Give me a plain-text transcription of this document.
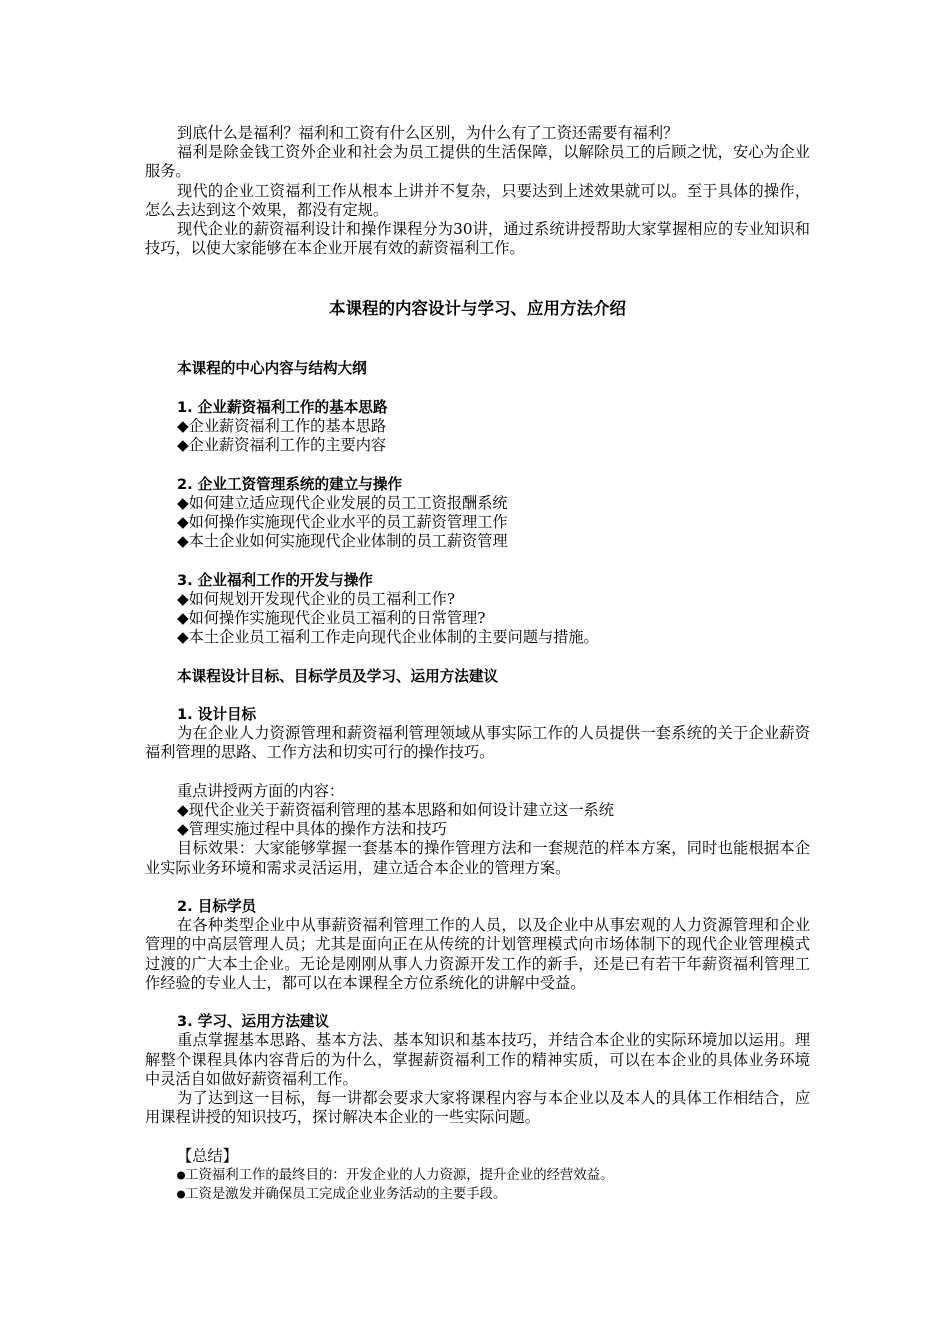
到底什么是福利？福利和工资有什么区别，为什么有了工资还需要有福利？

福利是除金钱工资外企业和社会为员工提供的生活保障，以解除员工的后顾之忧，安心为企业服务。

现代的企业工资福利工作从根本上讲并不复杂，只要达到上述效果就可以。至于具体的操作，怎么去达到这个效果，都没有定规。

现代企业的薪资福利设计和操作课程分为30讲，通过系统讲授帮助大家掌握相应的专业知识和技巧，以使大家能够在本企业开展有效的薪资福利工作。

本课程的内容设计与学习、应用方法介绍

本课程的中心内容与结构大纲

1. 企业薪资福利工作的基本思路

◆企业薪资福利工作的基本思路

◆企业薪资福利工作的主要内容

2. 企业工资管理系统的建立与操作

◆如何建立适应现代企业发展的员工工资报酬系统

◆如何操作实施现代企业水平的员工薪资管理工作

◆本土企业如何实施现代企业体制的员工薪资管理

3. 企业福利工作的开发与操作

◆如何规划开发现代企业的员工福利工作?

◆如何操作实施现代企业员工福利的日常管理?

◆本土企业员工福利工作走向现代企业体制的主要问题与措施。

本课程设计目标、目标学员及学习、运用方法建议

1. 设计目标

为在企业人力资源管理和薪资福利管理领域从事实际工作的人员提供一套系统的关于企业薪资福利管理的思路、工作方法和切实可行的操作技巧。

重点讲授两方面的内容：

◆现代企业关于薪资福利管理的基本思路和如何设计建立这一系统

◆管理实施过程中具体的操作方法和技巧

目标效果：大家能够掌握一套基本的操作管理方法和一套规范的样本方案，同时也能根据本企业实际业务环境和需求灵活运用，建立适合本企业的管理方案。

2. 目标学员

在各种类型企业中从事薪资福利管理工作的人员，以及企业中从事宏观的人力资源管理和企业管理的中高层管理人员；尤其是面向正在从传统的计划管理模式向市场体制下的现代企业管理模式过渡的广大本土企业。无论是刚刚从事人力资源开发工作的新手，还是已有若干年薪资福利管理工作经验的专业人士，都可以在本课程全方位系统化的讲解中受益。

3. 学习、运用方法建议

重点掌握基本思路、基本方法、基本知识和基本技巧，并结合本企业的实际环境加以运用。理解整个课程具体内容背后的为什么，掌握薪资福利工作的精神实质，可以在本企业的具体业务环境中灵活自如做好薪资福利工作。

为了达到这一目标，每一讲都会要求大家将课程内容与本企业以及本人的具体工作相结合，应用课程讲授的知识技巧，探讨解决本企业的一些实际问题。

【总结】

●工资福利工作的最终目的：开发企业的人力资源，提升企业的经营效益。

●工资是激发并确保员工完成企业业务活动的主要手段。
